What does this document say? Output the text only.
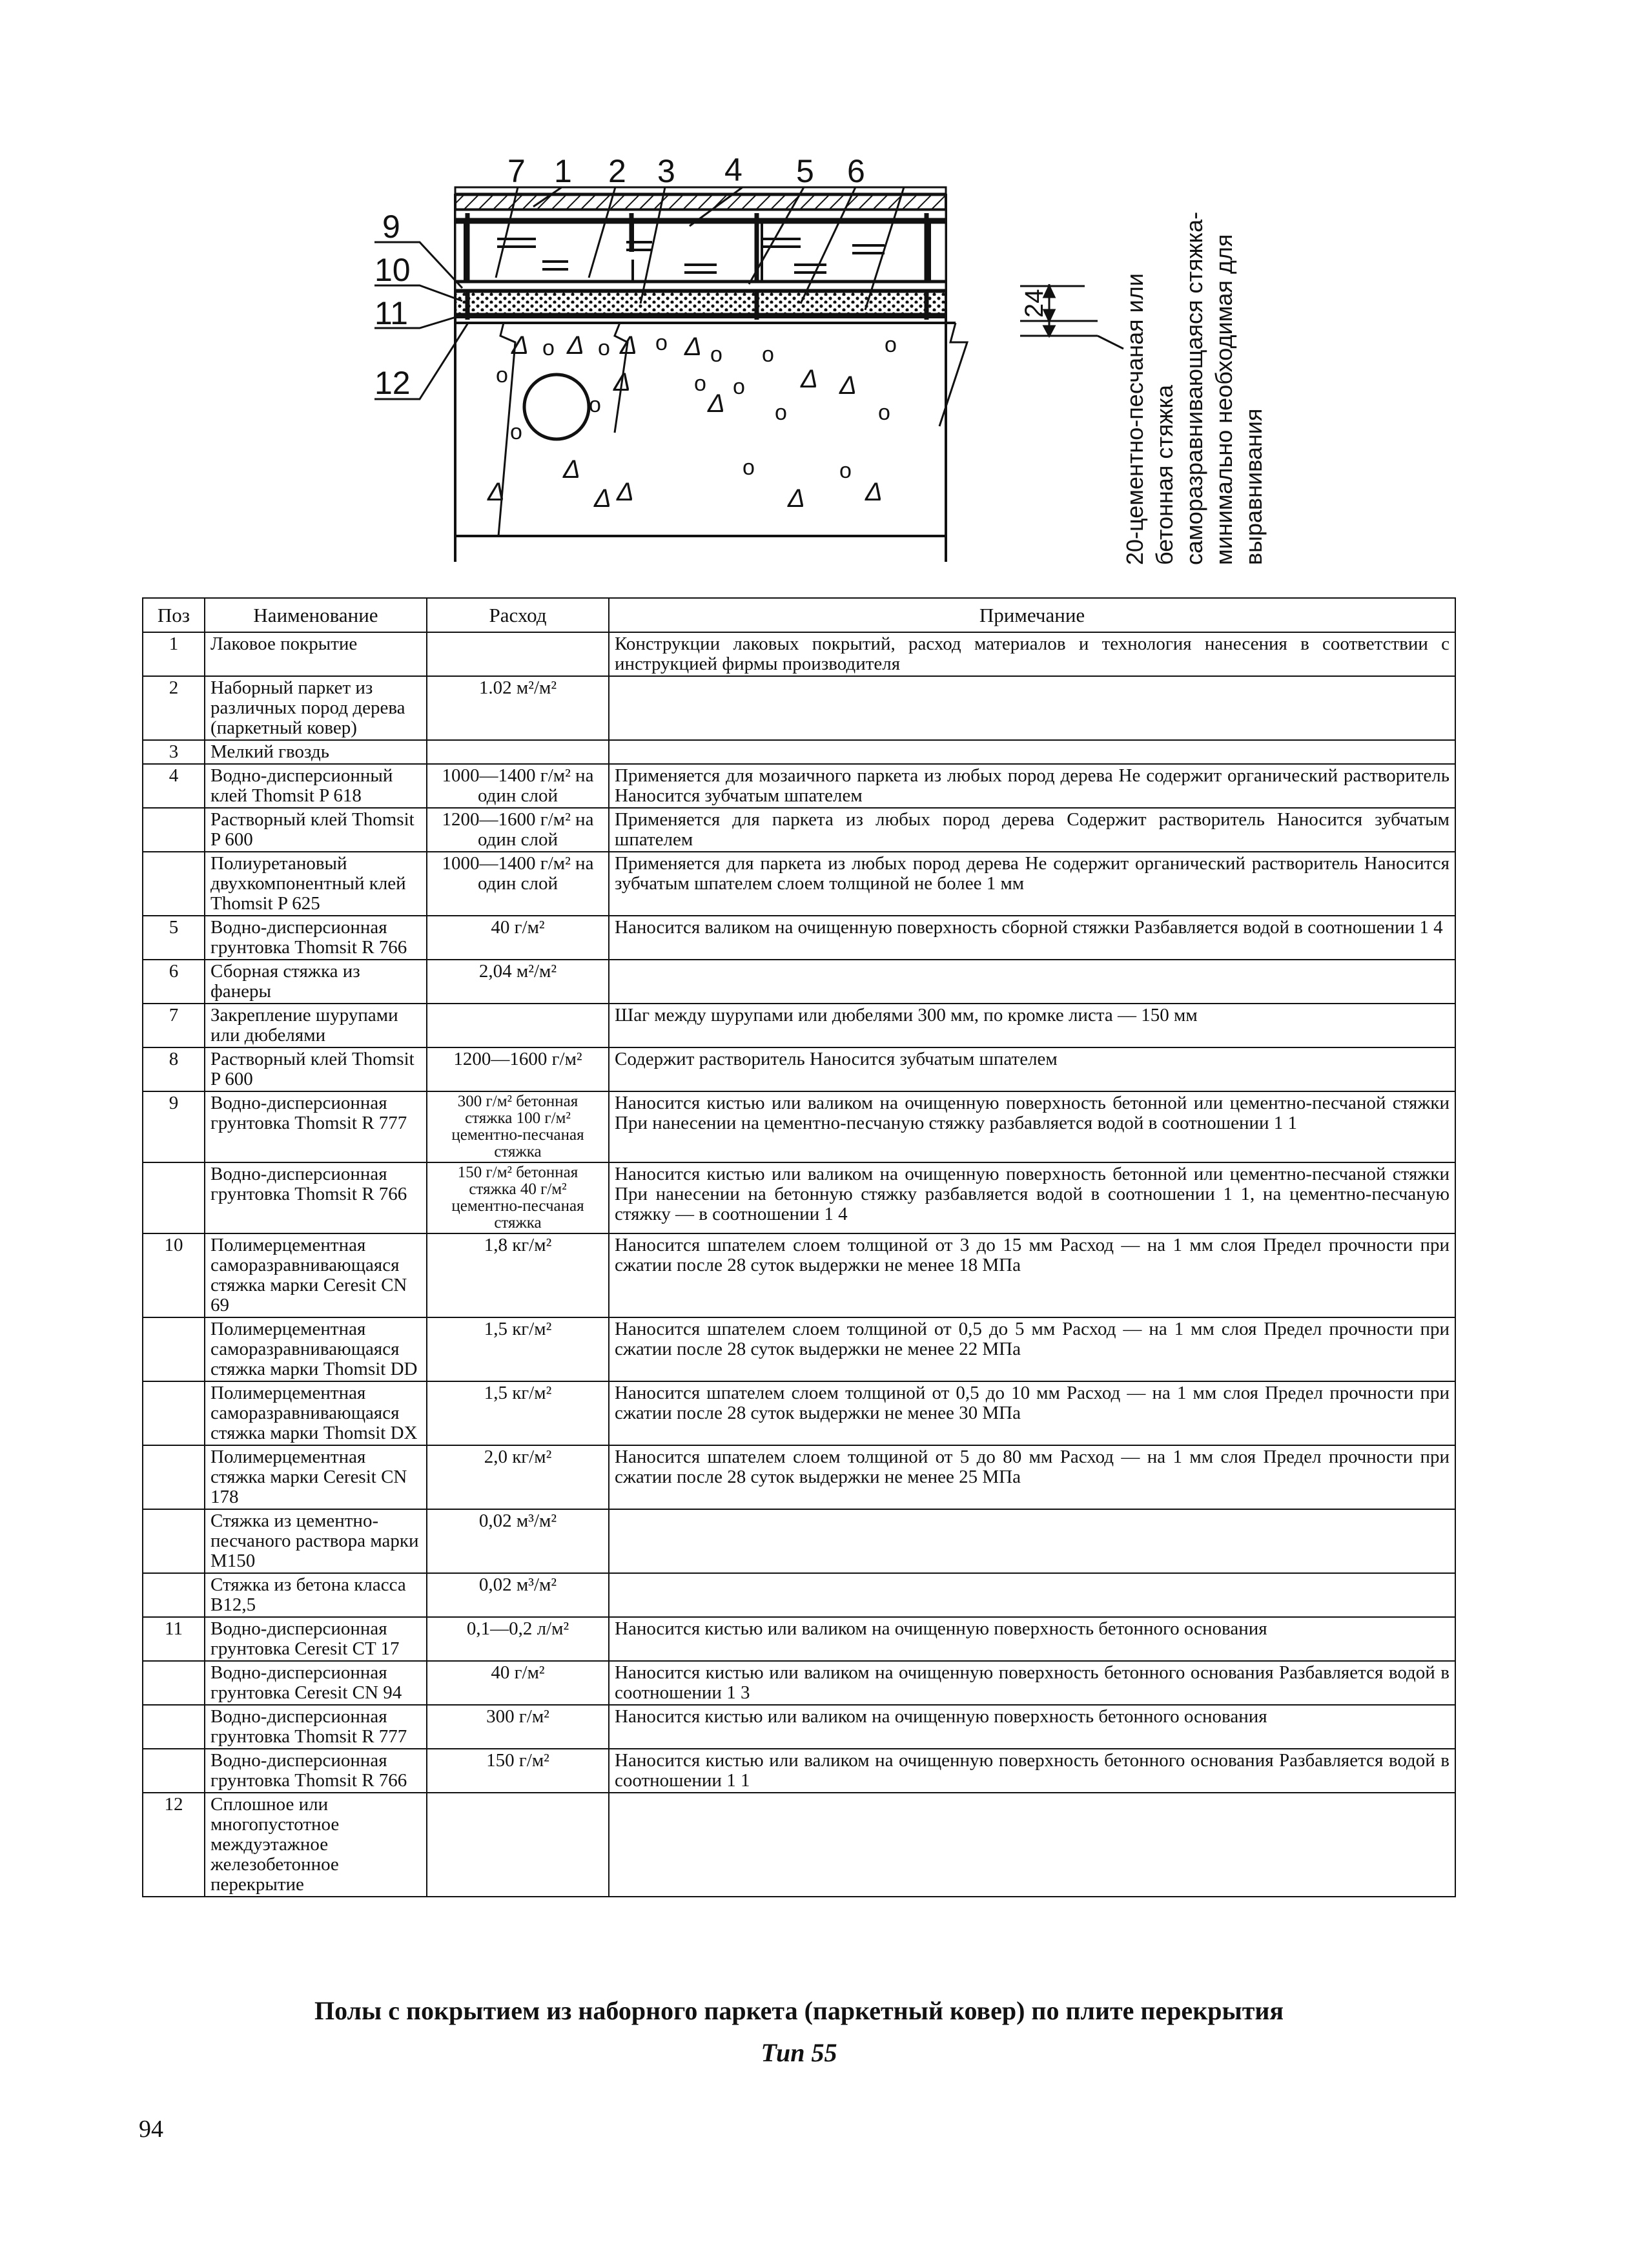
Δ Δ Δ
Δ
Δ
Δ
Δ
Δ
Δ Δ
Δ Δ
Δ
Δ
o
o o
o
o
o
o
o
o
o
o	o
o
o
o
7 1 2 3 4 5 6
9
10
11
12
24	20-цементно-песчаная или бетонная стяжка саморазравнивающаяся стяжка- минимально необходимая для выравнивания
Поз	Наименование	Расход	Примечание
1	Лаковое покрытие		Конструкции лаковых покрытий, расход материалов и технология нанесения в соответствии с инструкцией фирмы производителя
2	Наборный паркет из различных пород дерева (паркетный ковер)	1.02 м²/м²	
3	Мелкий гвоздь		
4	Водно-дисперсионный клей Thomsit P 618	1000—1400 г/м² на один слой	Применяется для мозаичного паркета из любых пород дерева Не содержит органический растворитель Наносится зубчатым шпателем
	Растворный клей Thomsit P 600	1200—1600 г/м² на один слой	Применяется для паркета из любых пород дерева Содержит растворитель Наносится зубчатым шпателем
	Полиуретановый двухкомпонентный клей Thomsit P 625	1000—1400 г/м² на один слой	Применяется для паркета из любых пород дерева Не содержит органический растворитель Наносится зубчатым шпателем слоем толщиной не более 1 мм
5	Водно-дисперсионная грунтовка Thomsit R 766	40 г/м²	Наносится валиком на очищенную поверхность сборной стяжки Разбавляется водой в соотношении 1 4
6	Сборная стяжка из фанеры	2,04 м²/м²	
7	Закрепление шурупами или дюбелями		Шаг между шурупами или дюбелями 300 мм, по кромке листа — 150 мм
8	Растворный клей Thomsit P 600	1200—1600 г/м²	Содержит растворитель Наносится зубчатым шпателем
9	Водно-дисперсионная грунтовка Thomsit R 777	300 г/м² бетонная стяжка 100 г/м² цементно-песчаная стяжка	Наносится кистью или валиком на очищенную поверхность бетонной или цементно-песчаной стяжки При нанесении на цементно-песчаную стяжку разбавляется водой в соотношении 1 1
	Водно-дисперсионная грунтовка Thomsit R 766	150 г/м² бетонная стяжка 40 г/м² цементно-песчаная стяжка	Наносится кистью или валиком на очищенную поверхность бетонной или цементно-песчаной стяжки При нанесении на бетонную стяжку разбавляется водой в соотношении 1 1, на цементно-песчаную стяжку — в соотношении 1 4
10	Полимерцементная саморазравнивающаяся стяжка марки Ceresit CN 69	1,8 кг/м²	Наносится шпателем слоем толщиной от 3 до 15 мм Расход — на 1 мм слоя Предел прочности при сжатии после 28 суток выдержки не менее 18 МПа
	Полимерцементная саморазравнивающаяся стяжка марки Thomsit DD	1,5 кг/м²	Наносится шпателем слоем толщиной от 0,5 до 5 мм Расход — на 1 мм слоя Предел прочности при сжатии после 28 суток выдержки не менее 22 МПа
	Полимерцементная саморазравнивающаяся стяжка марки Thomsit DX	1,5 кг/м²	Наносится шпателем слоем толщиной от 0,5 до 10 мм Расход — на 1 мм слоя Предел прочности при сжатии после 28 суток выдержки не менее 30 МПа
	Полимерцементная стяжка марки Ceresit CN 178	2,0 кг/м²	Наносится шпателем слоем толщиной от 5 до 80 мм Расход — на 1 мм слоя Предел прочности при сжатии после 28 суток выдержки не менее 25 МПа
	Стяжка из цементно-песчаного раствора марки М150	0,02 м³/м²	
	Стяжка из бетона класса В12,5	0,02 м³/м²	
11	Водно-дисперсионная грунтовка Ceresit CT 17	0,1—0,2 л/м²	Наносится кистью или валиком на очищенную поверхность бетонного основания
	Водно-дисперсионная грунтовка Ceresit CN 94	40 г/м²	Наносится кистью или валиком на очищенную поверхность бетонного основания Разбавляется водой в соотношении 1 3
	Водно-дисперсионная грунтовка Thomsit R 777	300 г/м²	Наносится кистью или валиком на очищенную поверхность бетонного основания
	Водно-дисперсионная грунтовка Thomsit R 766	150 г/м²	Наносится кистью или валиком на очищенную поверхность бетонного основания Разбавляется водой в соотношении 1 1
12	Сплошное или многопустотное междуэтажное железобетонное перекрытие		
Полы с покрытием из наборного паркета (паркетный ковер) по плите перекрытия
Тип 55
94
